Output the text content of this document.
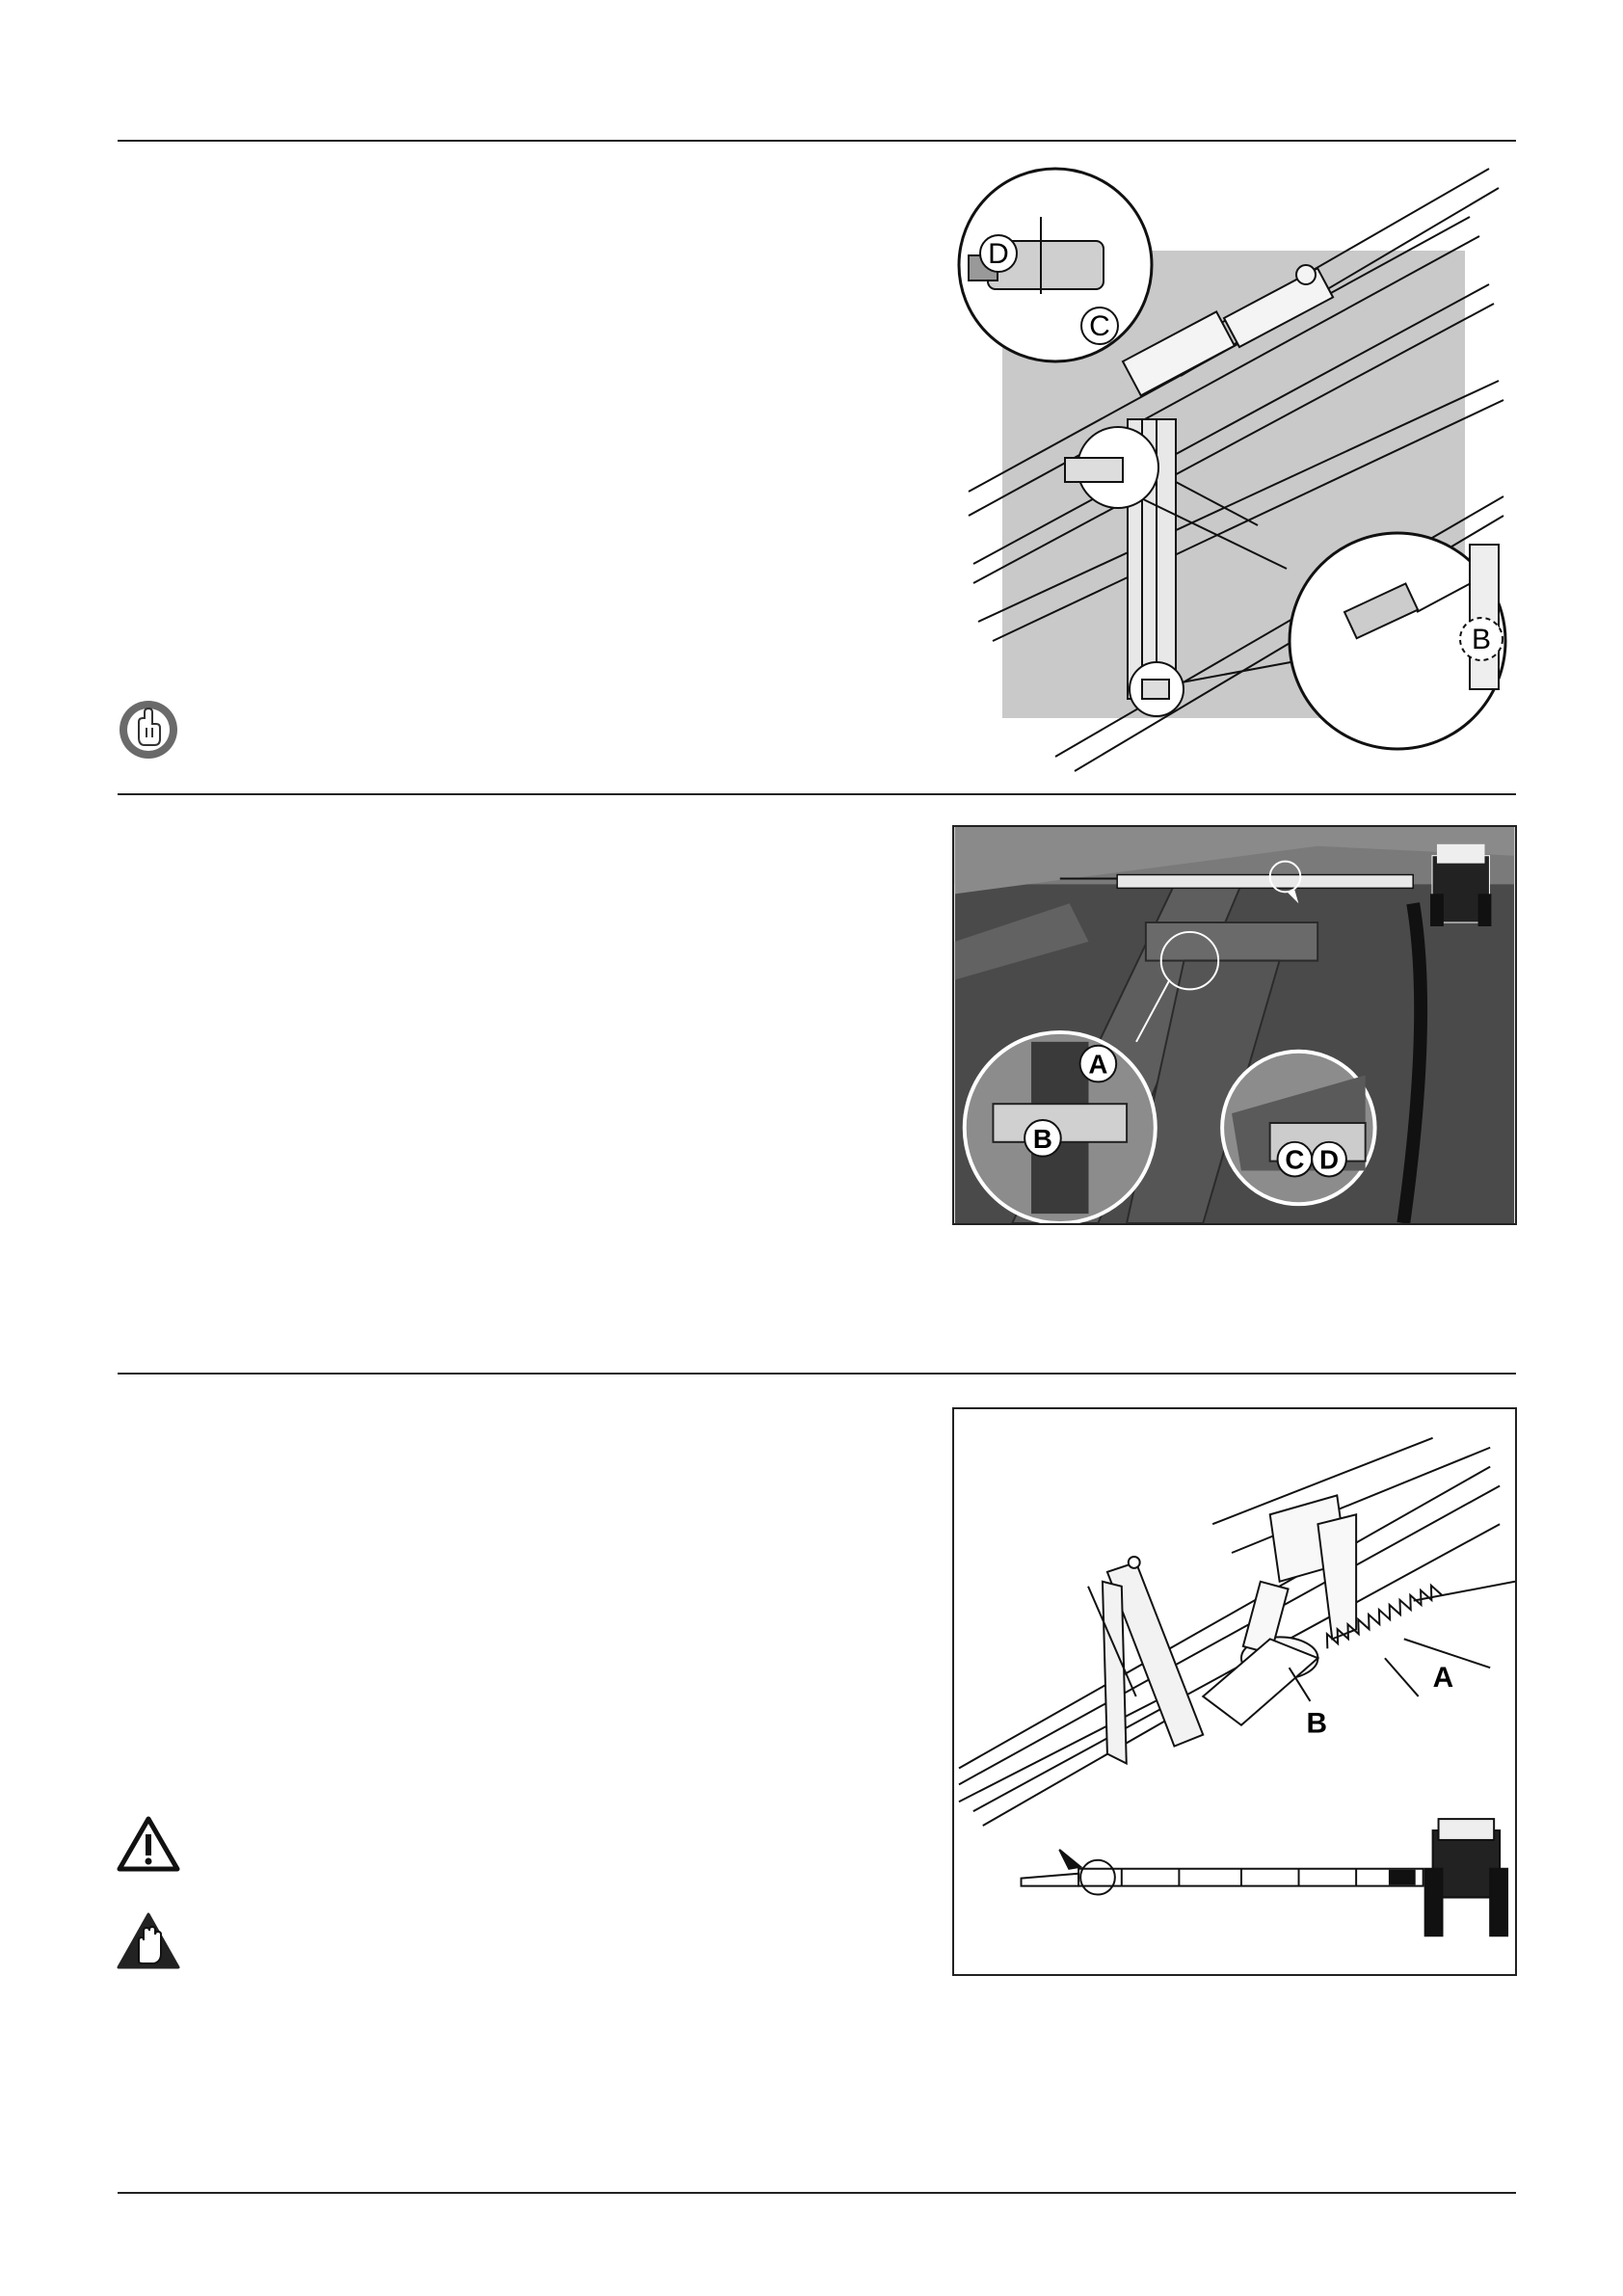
D
C
B
A
B
C D
A
B
